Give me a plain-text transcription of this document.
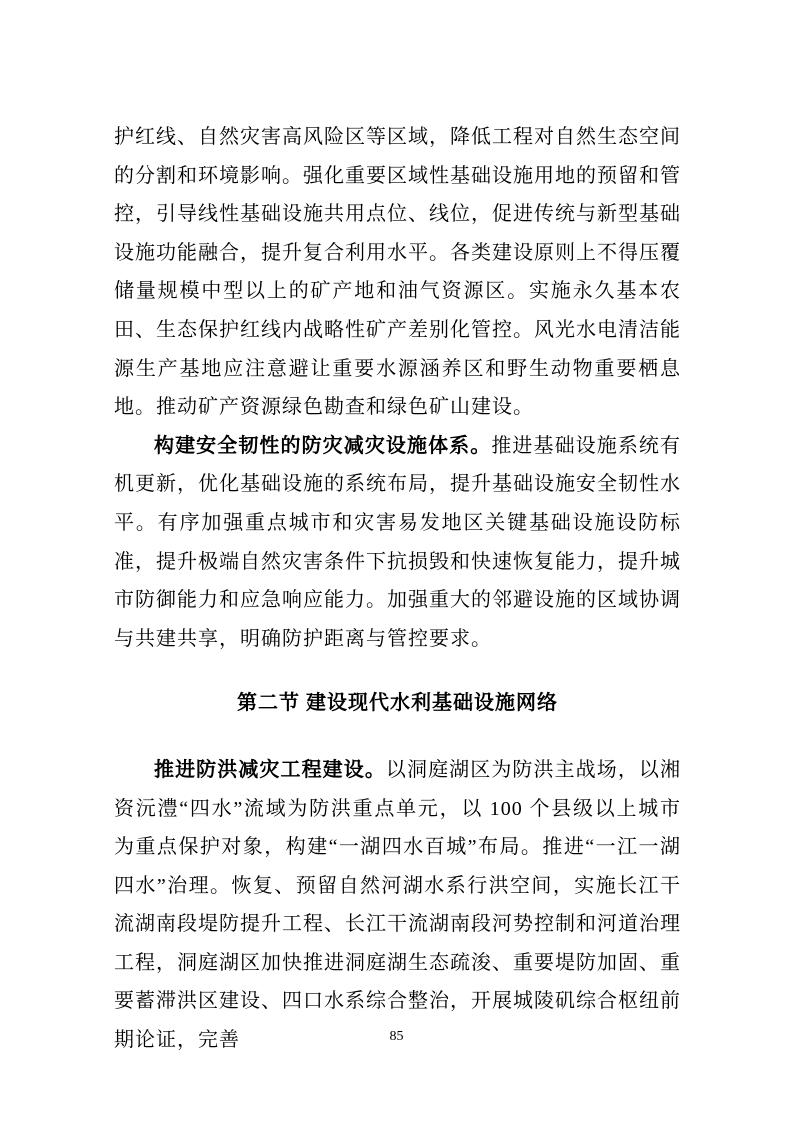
护红线、自然灾害高风险区等区域，降低工程对自然生态空间的分割和环境影响。强化重要区域性基础设施用地的预留和管控，引导线性基础设施共用点位、线位，促进传统与新型基础设施功能融合，提升复合利用水平。各类建设原则上不得压覆储量规模中型以上的矿产地和油气资源区。实施永久基本农田、生态保护红线内战略性矿产差别化管控。风光水电清洁能源生产基地应注意避让重要水源涵养区和野生动物重要栖息地。推动矿产资源绿色勘查和绿色矿山建设。

构建安全韧性的防灾减灾设施体系。推进基础设施系统有机更新，优化基础设施的系统布局，提升基础设施安全韧性水平。有序加强重点城市和灾害易发地区关键基础设施设防标准，提升极端自然灾害条件下抗损毁和快速恢复能力，提升城市防御能力和应急响应能力。加强重大的邻避设施的区域协调与共建共享，明确防护距离与管控要求。

第二节 建设现代水利基础设施网络

推进防洪减灾工程建设。以洞庭湖区为防洪主战场，以湘资沅澧“四水”流域为防洪重点单元，以 100 个县级以上城市为重点保护对象，构建“一湖四水百城”布局。推进“一江一湖四水”治理。恢复、预留自然河湖水系行洪空间，实施长江干流湖南段堤防提升工程、长江干流湖南段河势控制和河道治理工程，洞庭湖区加快推进洞庭湖生态疏浚、重要堤防加固、重要蓄滞洪区建设、四口水系综合整治，开展城陵矶综合枢纽前期论证，完善	85
